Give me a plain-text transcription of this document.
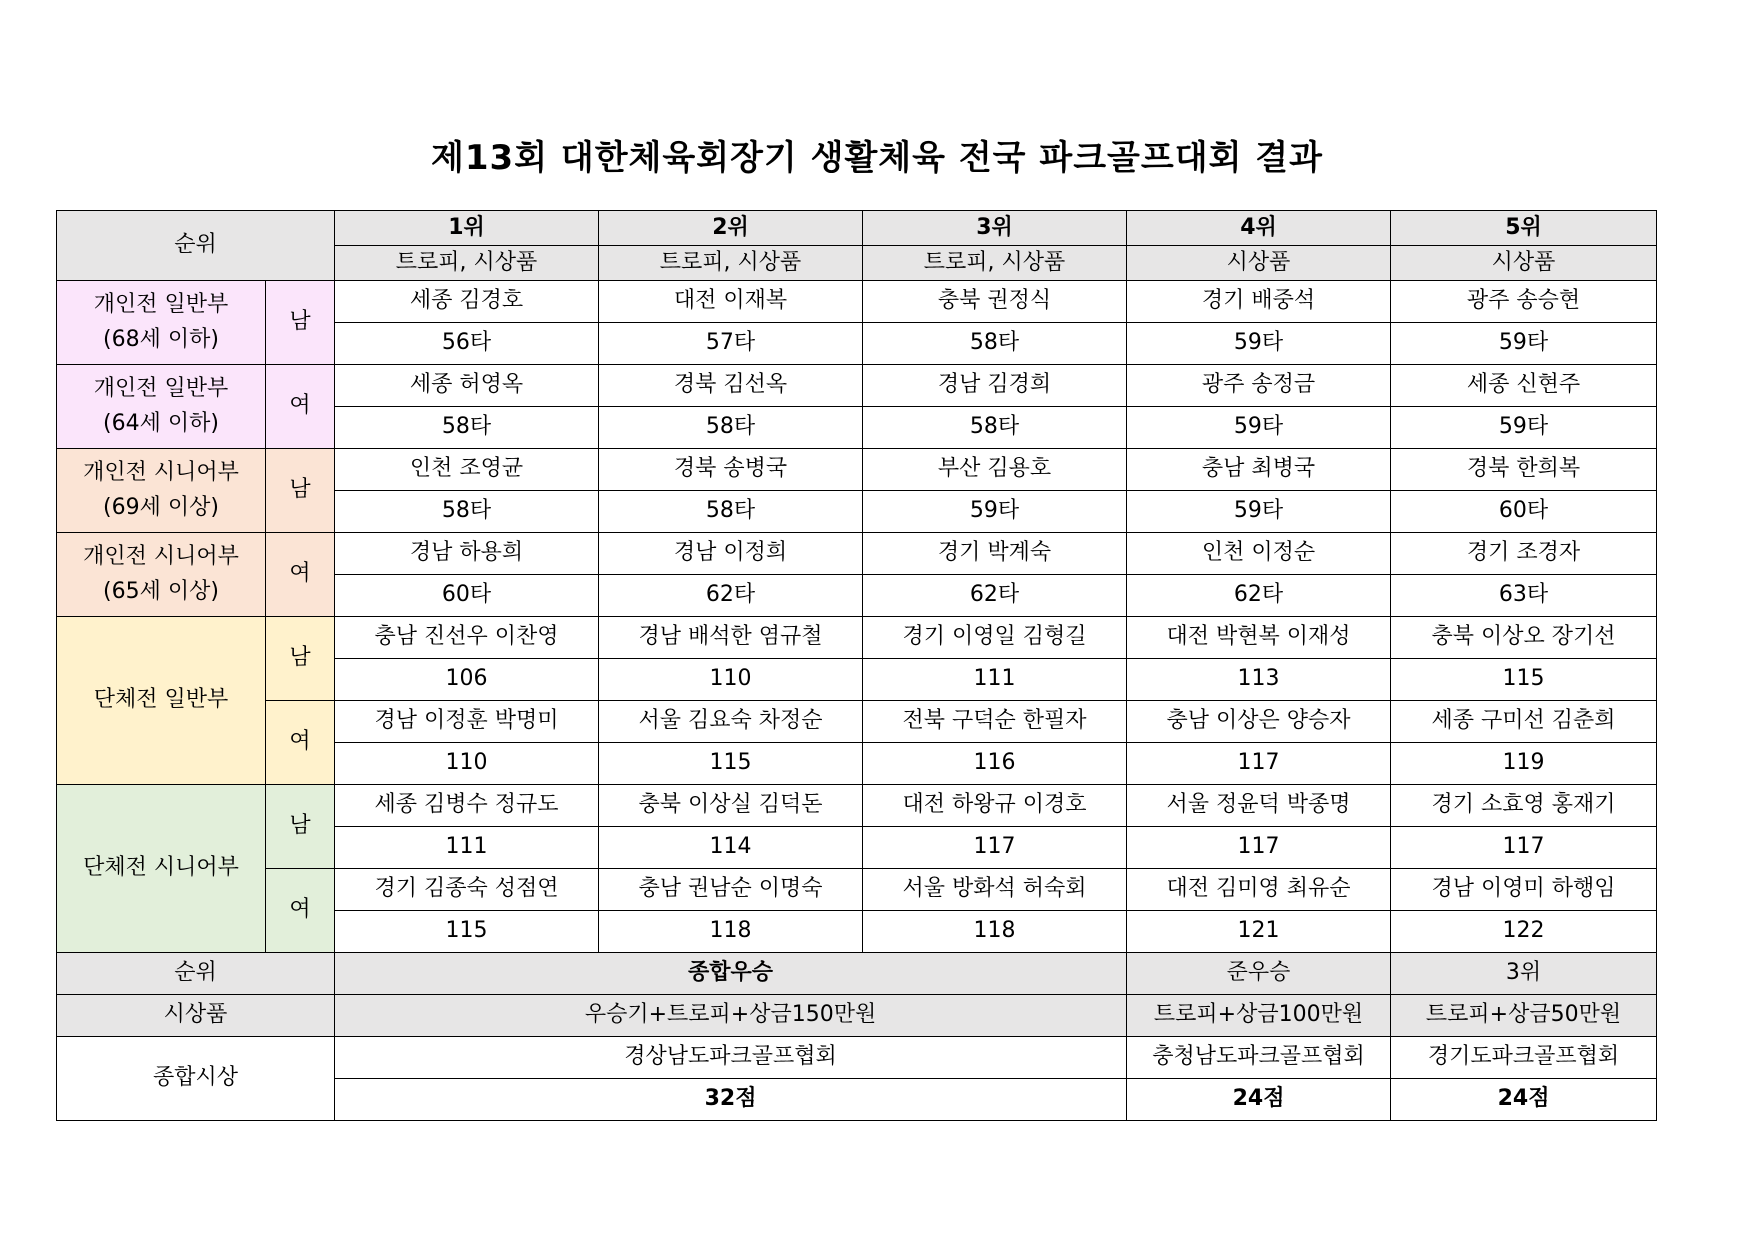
제13회 대한체육회장기 생활체육 전국 파크골프대회 결과
순위		1위	2위	3위	4위	5위
		트로피, 시상품	트로피, 시상품	트로피, 시상품	시상품	시상품

개인전 일반부
(68세 이하)	남	세종 김경호	대전 이재복	충북 권정식	경기 배중석	광주 송승현
		56타	57타	58타	59타	59타

개인전 일반부
(64세 이하)	여	세종 허영옥	경북 김선옥	경남 김경희	광주 송정금	세종 신현주
		58타	58타	58타	59타	59타

개인전 시니어부
(69세 이상)	남	인천 조영균	경북 송병국	부산 김용호	충남 최병국	경북 한희복
		58타	58타	59타	59타	60타

개인전 시니어부
(65세 이상)	여	경남 하용희	경남 이정희	경기 박계숙	인천 이정순	경기 조경자
		60타	62타	62타	62타	63타
단체전 일반부	남	충남 진선우 이찬영	경남 배석한 염규철	경기 이영일 김형길	대전 박현복 이재성	충북 이상오 장기선
		106	110	111	113	115
	여	경남 이정훈 박명미	서울 김요숙 차정순	전북 구덕순 한필자	충남 이상은 양승자	세종 구미선 김춘희
		110	115	116	117	119
단체전 시니어부	남	세종 김병수 정규도	충북 이상실 김덕돈	대전 하왕규 이경호	서울 정윤덕 박종명	경기 소효영 홍재기
		111	114	117	117	117
	여	경기 김종숙 성점연	충남 권남순 이명숙	서울 방화석 허숙회	대전 김미영 최유순	경남 이영미 하행임
		115	118	118	121	122
순위		종합우승			준우승	3위
시상품		우승기+트로피+상금150만원			트로피+상금100만원	트로피+상금50만원
종합시상		경상남도파크골프협회			충청남도파크골프협회	경기도파크골프협회
		32점			24점	24점
